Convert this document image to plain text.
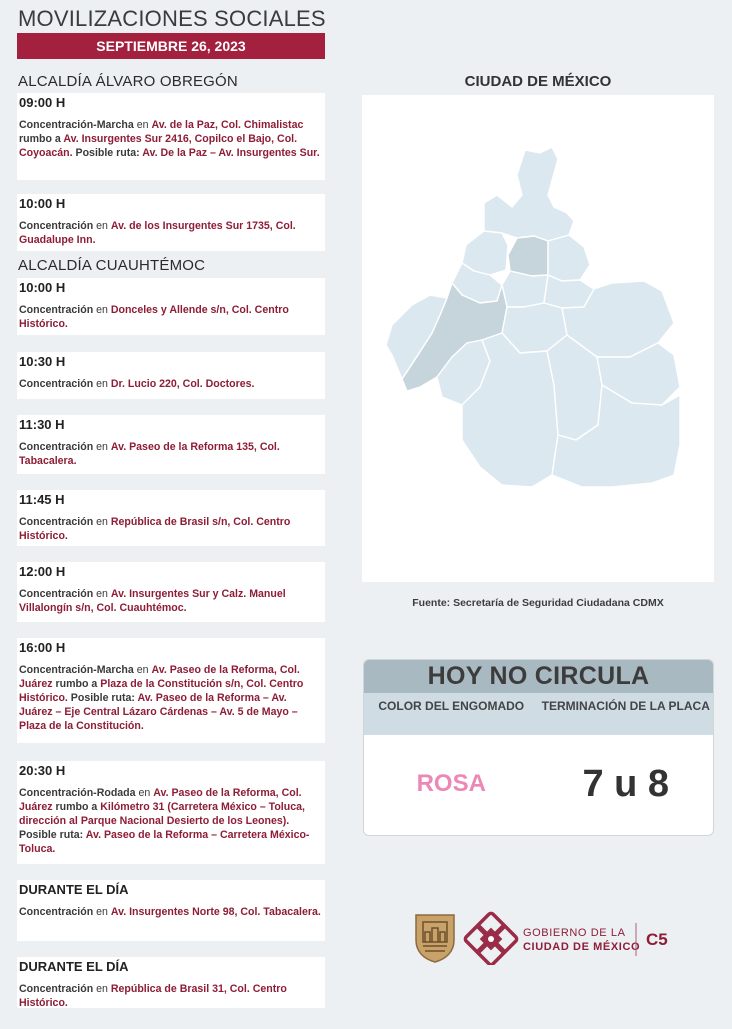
MOVILIZACIONES SOCIALES
SEPTIEMBRE 26, 2023
ALCALDÍA ÁLVARO OBREGÓN
09:00 H
Concentración-Marcha en Av. de la Paz, Col. Chimalistac rumbo a Av. Insurgentes Sur 2416, Copilco el Bajo, Col. Coyoacán. Posible ruta: Av. De la Paz – Av. Insurgentes Sur.
10:00 H
Concentración en Av. de los Insurgentes Sur 1735, Col. Guadalupe Inn.
ALCALDÍA CUAUHTÉMOC
10:00 H
Concentración en Donceles y Allende s/n, Col. Centro Histórico.
10:30 H
Concentración en Dr. Lucio 220, Col. Doctores.
11:30 H
Concentración en Av. Paseo de la Reforma 135, Col. Tabacalera.
11:45 H
Concentración en República de Brasil s/n, Col. Centro Histórico.
12:00 H
Concentración en Av. Insurgentes Sur y Calz. Manuel Villalongín s/n, Col. Cuauhtémoc.
16:00 H
Concentración-Marcha en Av. Paseo de la Reforma, Col. Juárez rumbo a Plaza de la Constitución s/n, Col. Centro Histórico. Posible ruta: Av. Paseo de la Reforma – Av. Juárez – Eje Central Lázaro Cárdenas – Av. 5 de Mayo – Plaza de la Constitución.
20:30 H
Concentración-Rodada en Av. Paseo de la Reforma, Col. Juárez rumbo a Kilómetro 31 (Carretera México – Toluca, dirección al Parque Nacional Desierto de los Leones). Posible ruta: Av. Paseo de la Reforma – Carretera México-Toluca.
DURANTE EL DÍA
Concentración en Av. Insurgentes Norte 98, Col. Tabacalera.
DURANTE EL DÍA
Concentración en República de Brasil 31, Col. Centro Histórico.
CIUDAD DE MÉXICO
Fuente: Secretaría de Seguridad Ciudadana CDMX
HOY NO CIRCULA
COLOR DEL ENGOMADO	TERMINACIÓN DE LA PLACA
ROSA	7 u 8
GOBIERNO DE LA
CIUDAD DE MÉXICO C5
